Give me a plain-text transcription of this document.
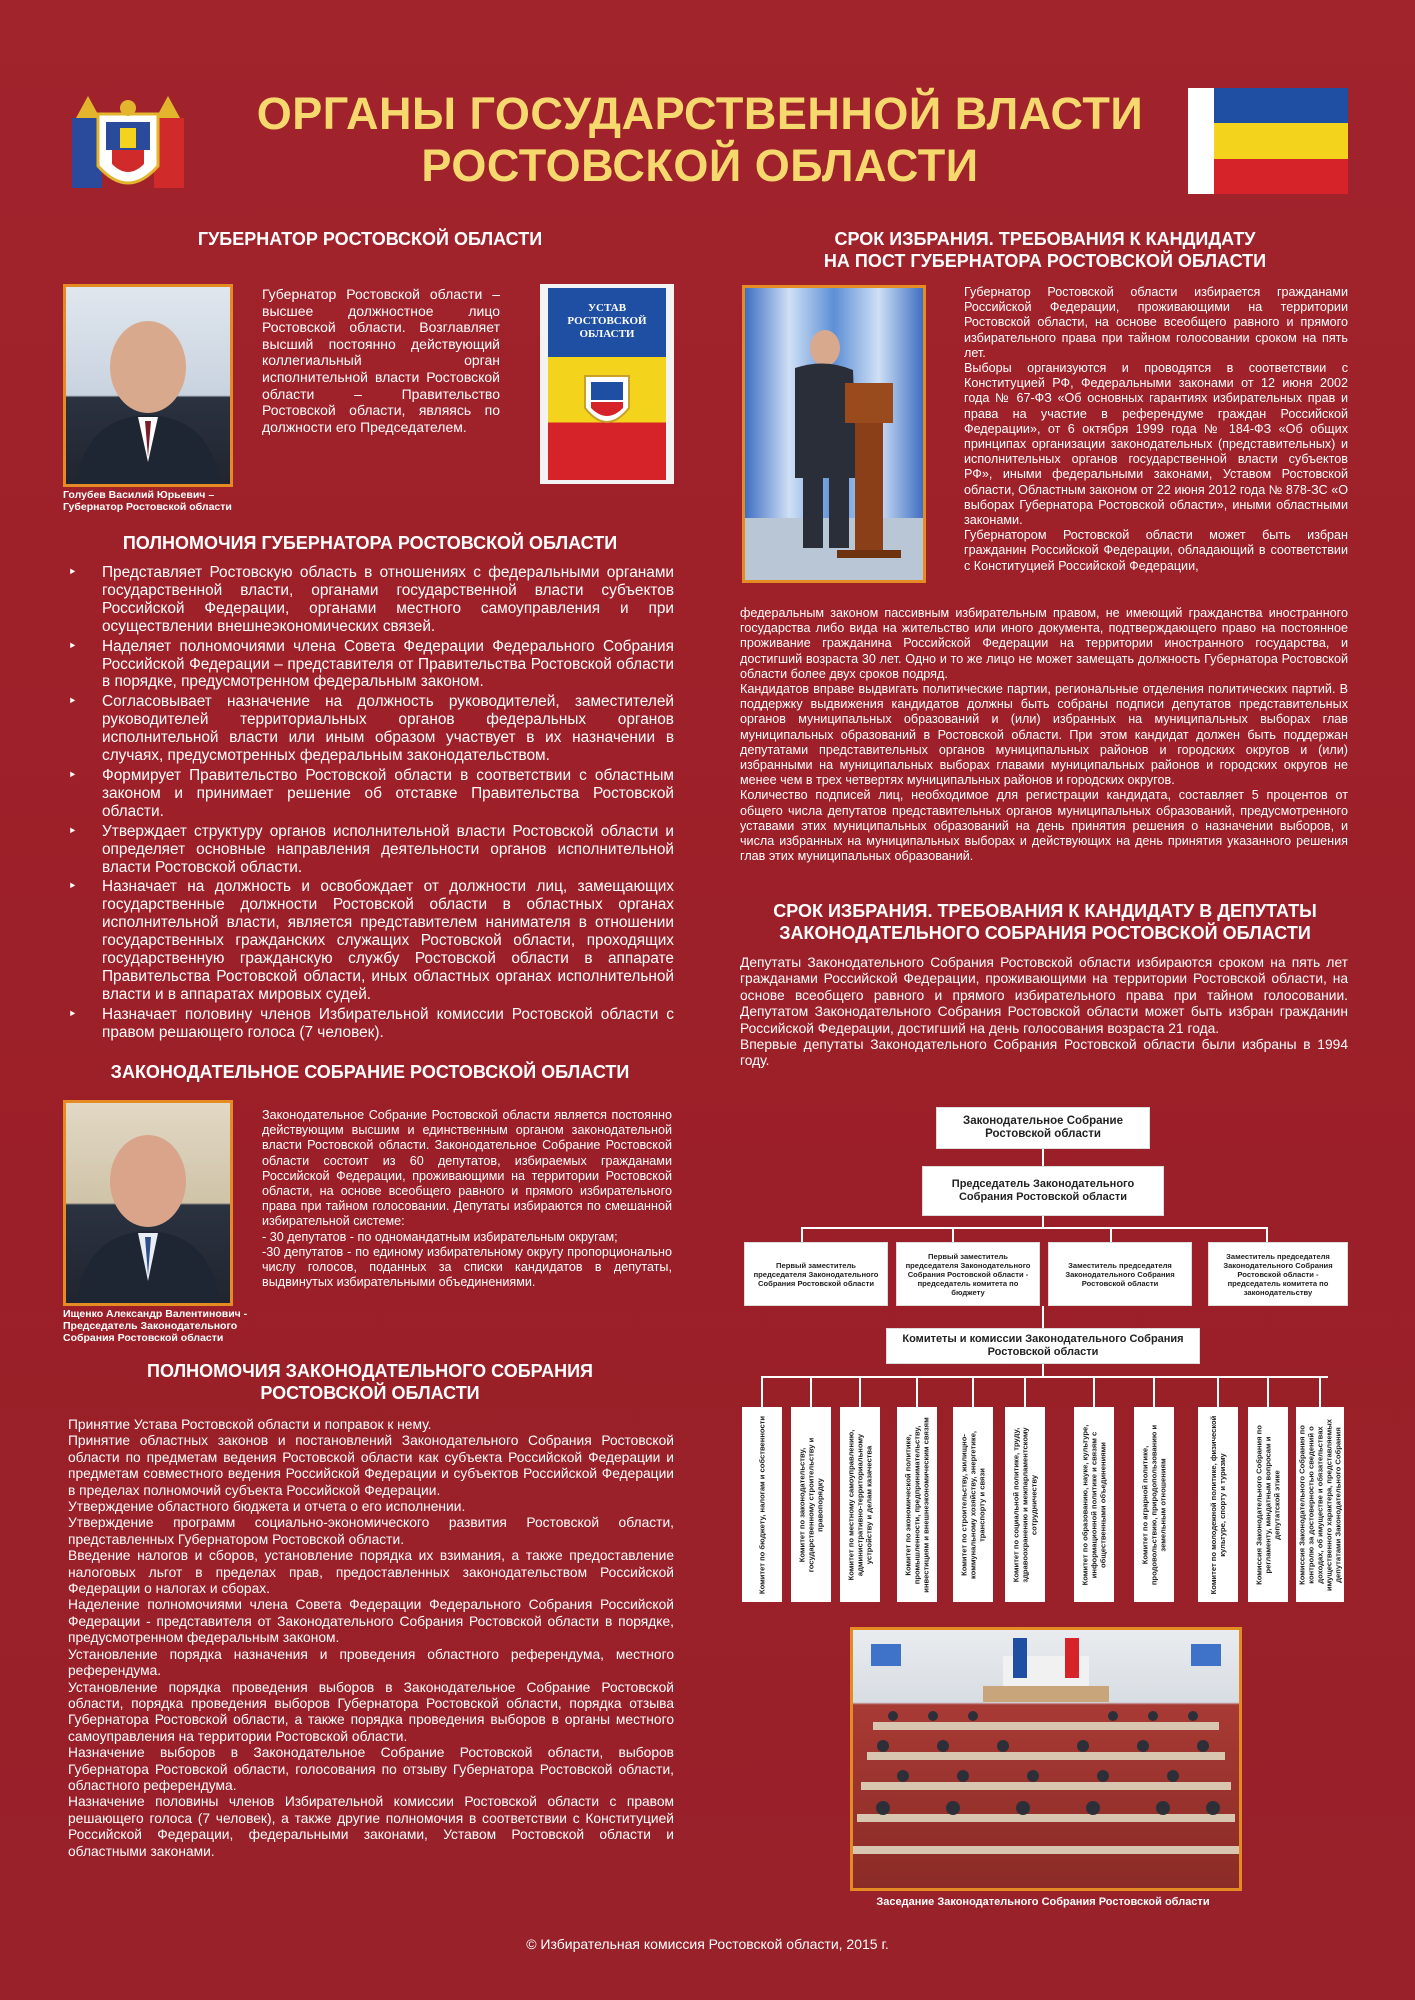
ОРГАНЫ ГОСУДАРСТВЕННОЙ ВЛАСТИ
РОСТОВСКОЙ ОБЛАСТИ
ГУБЕРНАТОР РОСТОВСКОЙ ОБЛАСТИ
Голубев Василий Юрьевич – Губернатор Ростовской области
Губернатор Ростовской области – высшее должностное лицо Ростовской области. Возглавляет высший постоянно действующий коллегиальный орган исполнительной власти Ростовской области – Правительство Ростовской области, являясь по должности его Председателем.
УСТАВ
РОСТОВСКОЙ
ОБЛАСТИ
ПОЛНОМОЧИЯ ГУБЕРНАТОРА РОСТОВСКОЙ ОБЛАСТИ
‣ Представляет Ростовскую область в отношениях с федеральными органами государственной власти, органами государственной власти субъектов Российской Федерации, органами местного самоуправления и при осуществлении внешнеэкономических связей.
‣ Наделяет полномочиями члена Совета Федерации Федерального Собрания Российской Федерации – представителя от Правительства Ростовской области в порядке, предусмотренном федеральным законом.
‣ Согласовывает назначение на должность руководителей, заместителей руководителей территориальных органов федеральных органов исполнительной власти или иным образом участвует в их назначении в случаях, предусмотренных федеральным законодательством.
‣ Формирует Правительство Ростовской области в соответствии с областным законом и принимает решение об отставке Правительства Ростовской области.
‣ Утверждает структуру органов исполнительной власти Ростовской области и определяет основные направления деятельности органов исполнительной власти Ростовской области.
‣ Назначает на должность и освобождает от должности лиц, замещающих государственные должности Ростовской области в областных органах исполнительной власти, является представителем нанимателя в отношении государственных гражданских служащих Ростовской области, проходящих государственную гражданскую службу Ростовской области в аппарате Правительства Ростовской области, иных областных органах исполнительной власти и в аппаратах мировых судей.
‣ Назначает половину членов Избирательной комиссии Ростовской области с правом решающего голоса (7 человек).
ЗАКОНОДАТЕЛЬНОЕ СОБРАНИЕ РОСТОВСКОЙ ОБЛАСТИ
Ищенко Александр Валентинович - Председатель Законодательного Собрания Ростовской области

Законодательное Собрание Ростовской области является постоянно действующим высшим и единственным органом законодательной власти Ростовской области. Законодательное Собрание Ростовской области состоит из 60 депутатов, избираемых гражданами Российской Федерации, проживающими на территории Ростовской области, на основе всеобщего равного и прямого избирательного права при тайном голосовании. Депутаты избираются по смешанной избирательной системе:

- 30 депутатов - по одномандатным избирательным округам;

-30 депутатов - по единому избирательному округу пропорционально числу голосов, поданных за списки кандидатов в депутаты, выдвинутых избирательными объединениями.

ПОЛНОМОЧИЯ ЗАКОНОДАТЕЛЬНОГО СОБРАНИЯ
РОСТОВСКОЙ ОБЛАСТИ

Принятие Устава Ростовской области и поправок к нему.

Принятие областных законов и постановлений Законодательного Собрания Ростовской области по предметам ведения Ростовской области как субъекта Российской Федерации и предметам совместного ведения Российской Федерации и субъектов Российской Федерации в пределах полномочий субъекта Российской Федерации.

Утверждение областного бюджета и отчета о его исполнении.

Утверждение программ социально-экономического развития Ростовской области, представленных Губернатором Ростовской области.

Введение налогов и сборов, установление порядка их взимания, а также предоставление налоговых льгот в пределах прав, предоставленных законодательством Российской Федерации о налогах и сборах.

Наделение полномочиями члена Совета Федерации Федерального Собрания Российской Федерации - представителя от Законодательного Собрания Ростовской области в порядке, предусмотренном федеральным законом.

Установление порядка назначения и проведения областного референдума, местного референдума.

Установление порядка проведения выборов в Законодательное Собрание Ростовской области, порядка проведения выборов Губернатора Ростовской области, порядка отзыва Губернатора Ростовской области, а также порядка проведения выборов в органы местного самоуправления на территории Ростовской области.

Назначение выборов в Законодательное Собрание Ростовской области, выборов Губернатора Ростовской области, голосования по отзыву Губернатора Ростовской области, областного референдума.

Назначение половины членов Избирательной комиссии Ростовской области с правом решающего голоса (7 человек), а также другие полномочия в соответствии с Конституцией Российской Федерации, федеральными законами, Уставом Ростовской области и областными законами.

СРОК ИЗБРАНИЯ. ТРЕБОВАНИЯ К КАНДИДАТУ
НА ПОСТ ГУБЕРНАТОРА РОСТОВСКОЙ ОБЛАСТИ

Губернатор Ростовской области избирается гражданами Российской Федерации, проживающими на территории Ростовской области, на основе всеобщего равного и прямого избирательного права при тайном голосовании сроком на пять лет.

Выборы организуются и проводятся в соответствии с Конституцией РФ, Федеральными законами от 12 июня 2002 года № 67-ФЗ «Об основных гарантиях избирательных прав и права на участие в референдуме граждан Российской Федерации», от 6 октября 1999 года № 184-ФЗ «Об общих принципах организации законодательных (представительных) и исполнительных органов государственной власти субъектов РФ», иными федеральными законами, Уставом Ростовской области, Областным законом от 22 июня 2012 года № 878-ЗС «О выборах Губернатора Ростовской области», иными областными законами.

Губернатором Ростовской области может быть избран гражданин Российской Федерации, обладающий в соответствии с Конституцией Российской Федерации,

федеральным законом пассивным избирательным правом, не имеющий гражданства иностранного государства либо вида на жительство или иного документа, подтверждающего право на постоянное проживание гражданина Российской Федерации на территории иностранного государства, и достигший возраста 30 лет. Одно и то же лицо не может замещать должность Губернатора Ростовской области более двух сроков подряд.

Кандидатов вправе выдвигать политические партии, региональные отделения политических партий. В поддержку выдвижения кандидатов должны быть собраны подписи депутатов представительных органов муниципальных образований и (или) избранных на муниципальных выборах глав муниципальных образований в Ростовской области. При этом кандидат должен быть поддержан депутатами представительных органов муниципальных районов и городских округов и (или) избранными на муниципальных выборах главами муниципальных районов и городских округов не менее чем в трех четвертях муниципальных районов и городских округов.

Количество подписей лиц, необходимое для регистрации кандидата, составляет 5 процентов от общего числа депутатов представительных органов муниципальных образований, предусмотренного уставами этих муниципальных образований на день принятия решения о назначении выборов, и числа избранных на муниципальных выборах и действующих на день принятия указанного решения глав этих муниципальных образований.

СРОК ИЗБРАНИЯ. ТРЕБОВАНИЯ К КАНДИДАТУ В ДЕПУТАТЫ
ЗАКОНОДАТЕЛЬНОГО СОБРАНИЯ РОСТОВСКОЙ ОБЛАСТИ

Депутаты Законодательного Собрания Ростовской области избираются сроком на пять лет гражданами Российской Федерации, проживающими на территории Ростовской области, на основе всеобщего равного и прямого избирательного права при тайном голосовании. Депутатом Законодательного Собрания Ростовской области может быть избран гражданин Российской Федерации, достигший на день голосования возраста 21 года.

Впервые депутаты Законодательного Собрания Ростовской области были избраны в 1994 году.

Законодательное Собрание Ростовской области
Председатель Законодательного Собрания Ростовской области
Первый заместитель председателя Законодательного Собрания Ростовской области
Первый заместитель председателя Законодательного Собрания Ростовской области - председатель комитета по бюджету
Заместитель председателя Законодательного Собрания Ростовской области
Заместитель председателя Законодательного Собрания Ростовской области - председатель комитета по законодательству
Комитеты и комиссии Законодательного Собрания Ростовской области
Комитет по бюджету, налогам и собственности	Комитет по законодательству, государственному строительству и правопорядку	Комитет по местному самоуправлению, административно-территориальному устройству и делам казачества	Комитет по экономической политике, промышленности, предпринимательству, инвестициям и внешнеэкономическим связям	Комитет по строительству, жилищно-коммунальному хозяйству, энергетике, транспорту и связи	Комитет по социальной политике, труду, здравоохранению и межпарламентскому сотрудничеству	Комитет по образованию, науке, культуре, информационной политике и связям с общественными объединениями	Комитет по аграрной политике, продовольствию, природопользованию и земельным отношениям	Комитет по молодежной политике, физической культуре, спорту и туризму	Комиссия Законодательного Собрания по регламенту, мандатным вопросам и депутатской этике Комиссия Законодательного Собрания по контролю за достоверностью сведений о доходах, об имуществе и обязательствах имущественного характера, представляемых депутатами Законодательного Собрания
Заседание Законодательного Собрания Ростовской области
© Избирательная комиссия Ростовской области, 2015 г.
